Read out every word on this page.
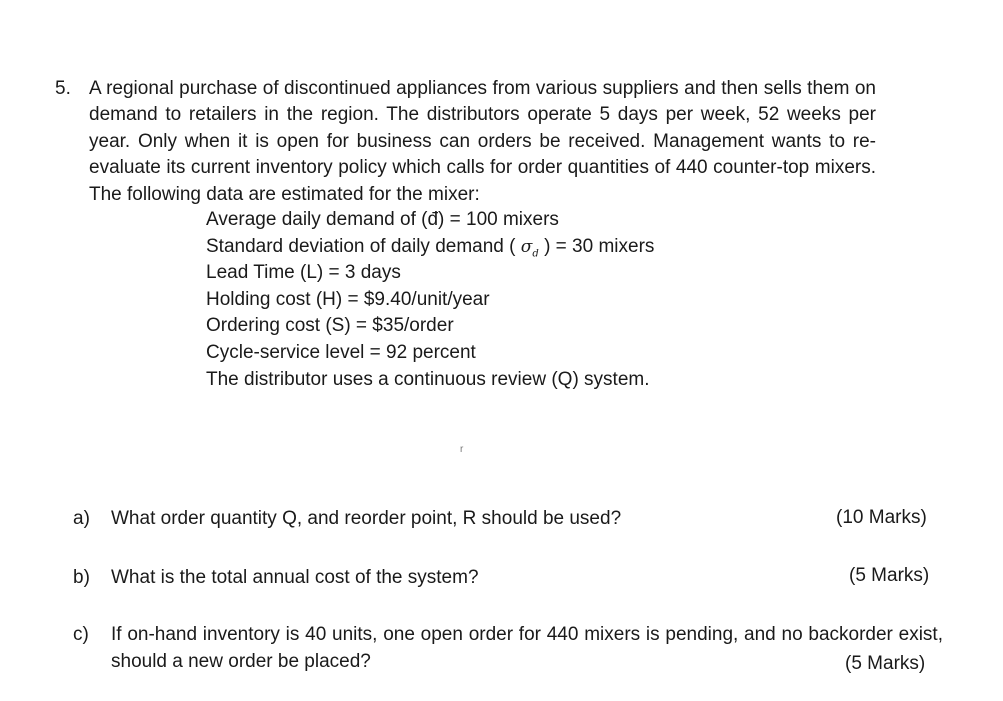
5. A regional purchase of discontinued appliances from various suppliers and then sells them on demand to retailers in the region. The distributors operate 5 days per week, 52 weeks per year. Only when it is open for business can orders be received. Management wants to re-evaluate its current inventory policy which calls for order quantities of 440 counter-top mixers. The following data are estimated for the mixer:
Average daily demand of (đ) = 100 mixers
Standard deviation of daily demand ( $\sigma_d$ ) = 30 mixers
Lead Time (L) = 3 days
Holding cost (H) = $9.40/unit/year
Ordering cost (S) = $35/order
Cycle-service level = 92 percent
The distributor uses a continuous review (Q) system.
r
a)	What order quantity Q, and reorder point, R should be used?	(10 Marks)
b)	What is the total annual cost of the system?	(5 Marks)
c)	If on-hand inventory is 40 units, one open order for 440 mixers is pending, and no backorder exist, should a new order be placed?	(5 Marks)
